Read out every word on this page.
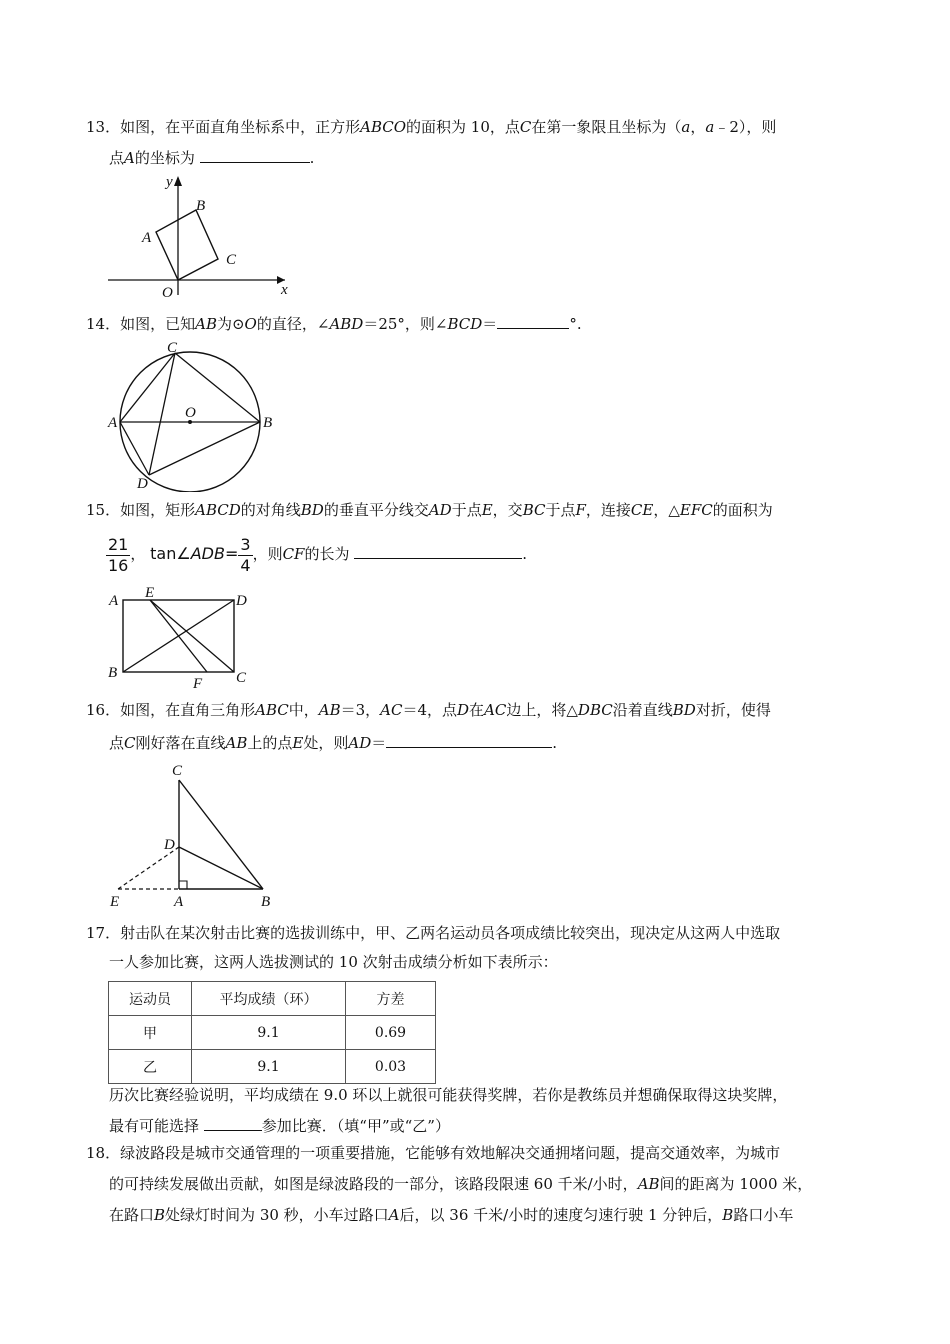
13．如图，在平面直角坐标系中，正方形ABCO的面积为 10，点C在第一象限且坐标为（a，a﹣2），则
点A的坐标为	.
y
x
O
A
B
C
14．如图，已知AB为⊙O的直径，∠ABD＝25°，则∠BCD＝	°.
C
A	B
O
D
15．如图，矩形ABCD的对角线BD的垂直平分线交AD于点E，交BC于点F，连接CE，△EFC的面积为
$\frac{21}{16}$ ， tan∠ADB= $\frac{3}{4}$ ，则CF的长为	.
A E	D
B	C
F
16．如图，在直角三角形ABC中，AB＝3，AC＝4，点D在AC边上，将△DBC沿着直线BD对折，使得
点C刚好落在直线AB上的点E处，则AD＝	.
C
D
E	A	B
17．射击队在某次射击比赛的选拔训练中，甲、乙两名运动员各项成绩比较突出，现决定从这两人中选取
一人参加比赛，这两人选拔测试的 10 次射击成绩分析如下表所示：
运动员	平均成绩（环）	方差
甲	9.1	0.69
乙	9.1	0.03
历次比赛经验说明，平均成绩在 9.0 环以上就很可能获得奖牌，若你是教练员并想确保取得这块奖牌，
最有可能选择	参加比赛．（填“甲”或“乙”）
18．绿波路段是城市交通管理的一项重要措施，它能够有效地解决交通拥堵问题，提高交通效率，为城市
的可持续发展做出贡献，如图是绿波路段的一部分，该路段限速 60 千米/小时，AB间的距离为 1000 米，
在路口B处绿灯时间为 30 秒，小车过路口A后，以 36 千米/小时的速度匀速行驶 1 分钟后，B路口小车
